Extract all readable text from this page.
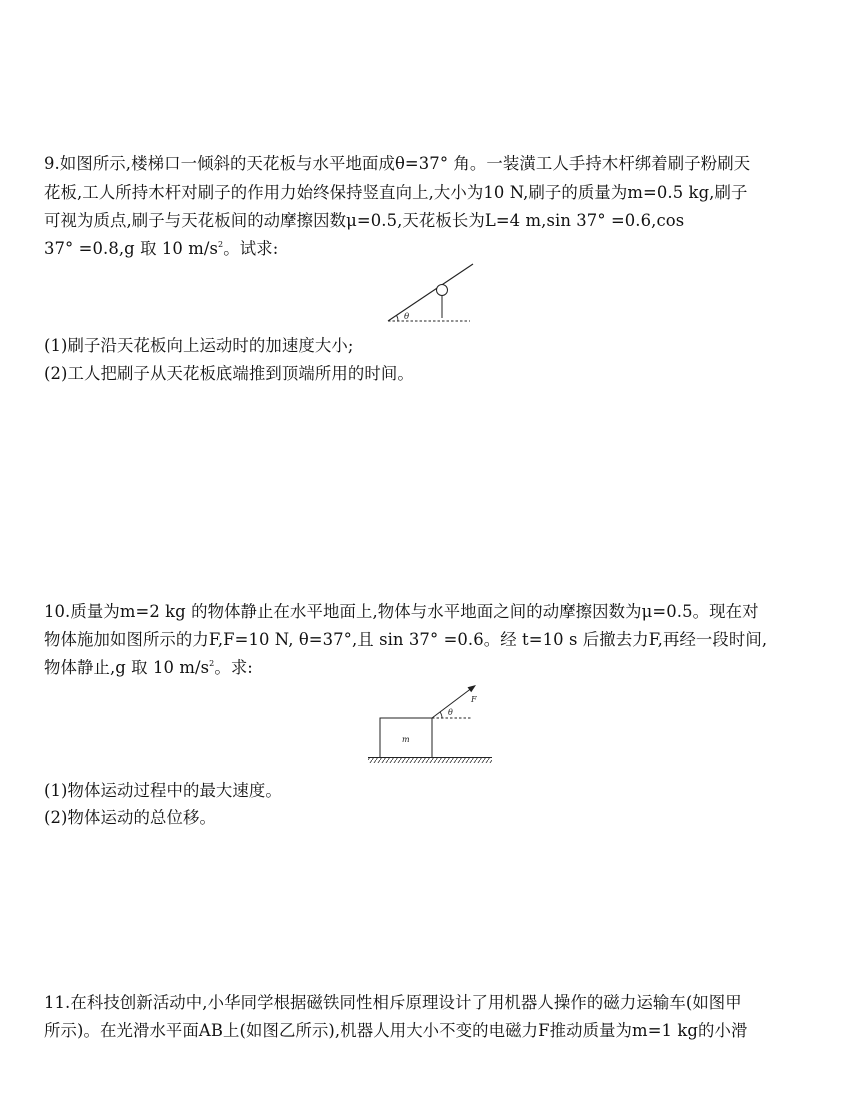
9.如图所示,楼梯口一倾斜的天花板与水平地面成θ=37° 角。一装潢工人手持木杆绑着刷子粉刷天
花板,工人所持木杆对刷子的作用力始终保持竖直向上,大小为10 N,刷子的质量为m=0.5 kg,刷子
可视为质点,刷子与天花板间的动摩擦因数μ=0.5,天花板长为L=4 m,sin 37° =0.6,cos
37° =0.8,g 取 10 $m/s^2$。试求:
θ
(1)刷子沿天花板向上运动时的加速度大小;
(2)工人把刷子从天花板底端推到顶端所用的时间。
10.质量为m=2 kg 的物体静止在水平地面上,物体与水平地面之间的动摩擦因数为μ=0.5。现在对
物体施加如图所示的力F,F=10 N, θ=37°,且 sin 37° =0.6。经 t=10 s 后撤去力F,再经一段时间,
物体静止,g 取 10 $m/s^2$。求:
m
F
θ
(1)物体运动过程中的最大速度。
(2)物体运动的总位移。
11.在科技创新活动中,小华同学根据磁铁同性相斥原理设计了用机器人操作的磁力运输车(如图甲
所示)。在光滑水平面AB上(如图乙所示),机器人用大小不变的电磁力F推动质量为m=1 kg的小滑
